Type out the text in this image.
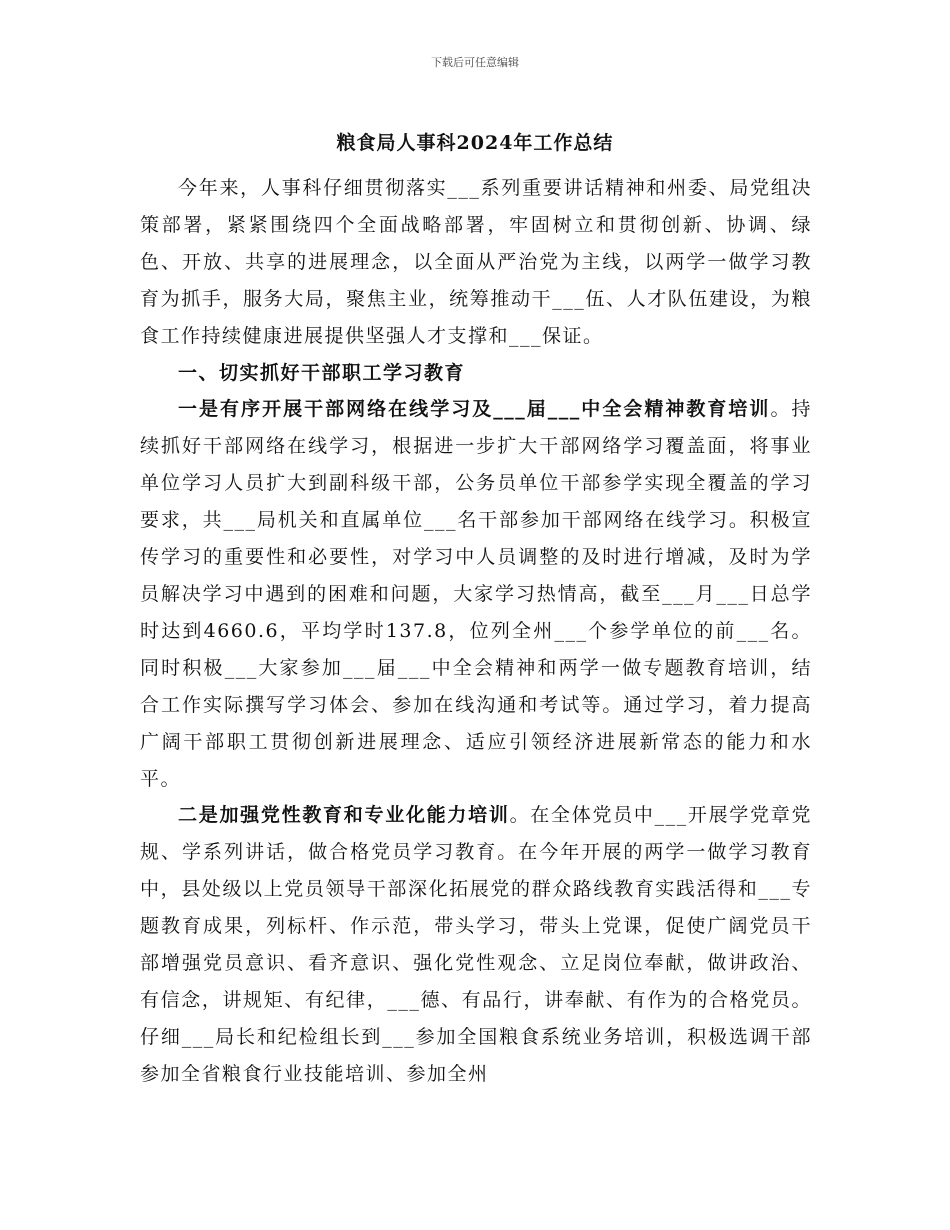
下载后可任意编辑
粮食局人事科2024年工作总结

今年来，人事科仔细贯彻落实___系列重要讲话精神和州委、局党组决策部署，紧紧围绕四个全面战略部署，牢固树立和贯彻创新、协调、绿色、开放、共享的进展理念，以全面从严治党为主线，以两学一做学习教育为抓手，服务大局，聚焦主业，统筹推动干___伍、人才队伍建设，为粮食工作持续健康进展提供坚强人才支撑和___保证。

一、切实抓好干部职工学习教育

一是有序开展干部网络在线学习及___届___中全会精神教育培训。持续抓好干部网络在线学习，根据进一步扩大干部网络学习覆盖面，将事业单位学习人员扩大到副科级干部，公务员单位干部参学实现全覆盖的学习要求，共___局机关和直属单位___名干部参加干部网络在线学习。积极宣传学习的重要性和必要性，对学习中人员调整的及时进行增减，及时为学员解决学习中遇到的困难和问题，大家学习热情高，截至___月___日总学时达到4660.6，平均学时137.8，位列全州___个参学单位的前___名。同时积极___大家参加___届___中全会精神和两学一做专题教育培训，结合工作实际撰写学习体会、参加在线沟通和考试等。通过学习，着力提高广阔干部职工贯彻创新进展理念、适应引领经济进展新常态的能力和水平。

二是加强党性教育和专业化能力培训。在全体党员中___开展学党章党规、学系列讲话，做合格党员学习教育。在今年开展的两学一做学习教育中，县处级以上党员领导干部深化拓展党的群众路线教育实践活得和___专题教育成果，列标杆、作示范，带头学习，带头上党课，促使广阔党员干部增强党员意识、看齐意识、强化党性观念、立足岗位奉献，做讲政治、有信念，讲规矩、有纪律，___德、有品行，讲奉献、有作为的合格党员。仔细___局长和纪检组长到___参加全国粮食系统业务培训，积极选调干部参加全省粮食行业技能培训、参加全州
